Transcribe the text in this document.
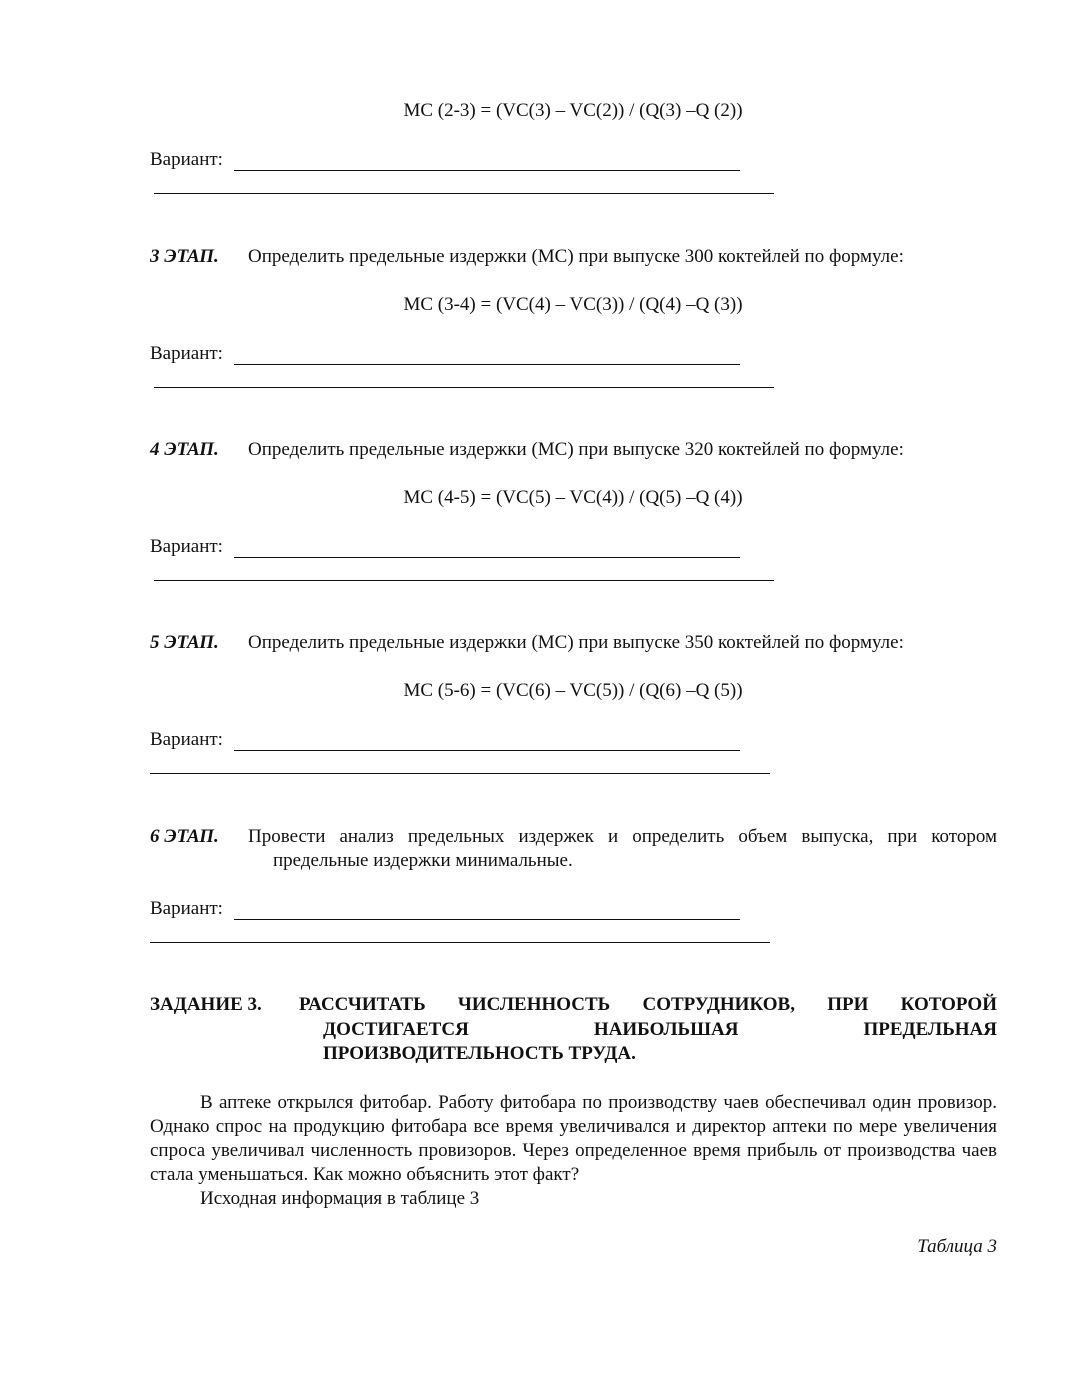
MC (2-3) = (VC(3) – VC(2)) / (Q(3) –Q (2))
Вариант:
3 ЭТАП. Определить предельные издержки (МС) при выпуске 300 коктейлей по формуле:
MC (3-4) = (VC(4) – VC(3)) / (Q(4) –Q (3))
Вариант:
4 ЭТАП. Определить предельные издержки (МС) при выпуске 320 коктейлей по формуле:
MC (4-5) = (VC(5) – VC(4)) / (Q(5) –Q (4))
Вариант:
5 ЭТАП. Определить предельные издержки (МС) при выпуске 350 коктейлей по формуле:
MC (5-6) = (VC(6) – VC(5)) / (Q(6) –Q (5))
Вариант:
6 ЭТАП. Провести анализ предельных издержек и определить объем выпуска, при котором
предельные издержки минимальные.
Вариант:
ЗАДАНИЕ 3. РАССЧИТАТЬ ЧИСЛЕННОСТЬ СОТРУДНИКОВ, ПРИ КОТОРОЙ
ДОСТИГАЕТСЯ НАИБОЛЬШАЯ ПРЕДЕЛЬНАЯ
ПРОИЗВОДИТЕЛЬНОСТЬ ТРУДА.
В аптеке открылся фитобар. Работу фитобара по производству чаев обеспечивал один провизор. Однако спрос на продукцию фитобара все время увеличивался и директор аптеки по мере увеличения спроса увеличивал численность провизоров. Через определенное время прибыль от производства чаев стала уменьшаться. Как можно объяснить этот факт?
Исходная информация в таблице 3
Таблица 3
